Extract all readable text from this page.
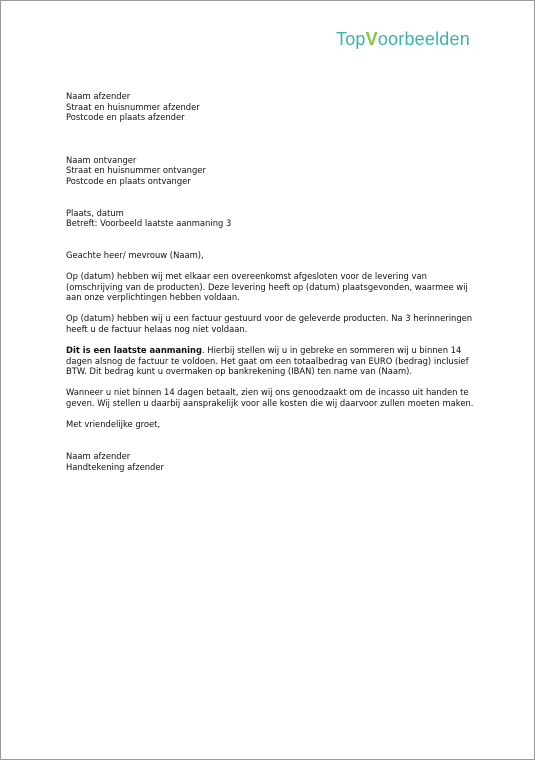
TopVoorbeelden

Naam afzender

Straat en huisnummer afzender

Postcode en plaats afzender

Naam ontvanger

Straat en huisnummer ontvanger

Postcode en plaats ontvanger

Plaats, datum

Betreft: Voorbeeld laatste aanmaning 3

Geachte heer/ mevrouw (Naam),

Op (datum) hebben wij met elkaar een overeenkomst afgesloten voor de levering van (omschrijving van de producten). Deze levering heeft op (datum) plaatsgevonden, waarmee wij aan onze verplichtingen hebben voldaan.

Op (datum) hebben wij u een factuur gestuurd voor de geleverde producten. Na 3 herinneringen heeft u de factuur helaas nog niet voldaan.

Dit is een laatste aanmaning. Hierbij stellen wij u in gebreke en sommeren wij u binnen 14 dagen alsnog de factuur te voldoen. Het gaat om een totaalbedrag van EURO (bedrag) inclusief BTW. Dit bedrag kunt u overmaken op bankrekening (IBAN) ten name van (Naam).

Wanneer u niet binnen 14 dagen betaalt, zien wij ons genoodzaakt om de incasso uit handen te geven. Wij stellen u daarbij aansprakelijk voor alle kosten die wij daarvoor zullen moeten maken.

Met vriendelijke groet,

Naam afzender

Handtekening afzender
